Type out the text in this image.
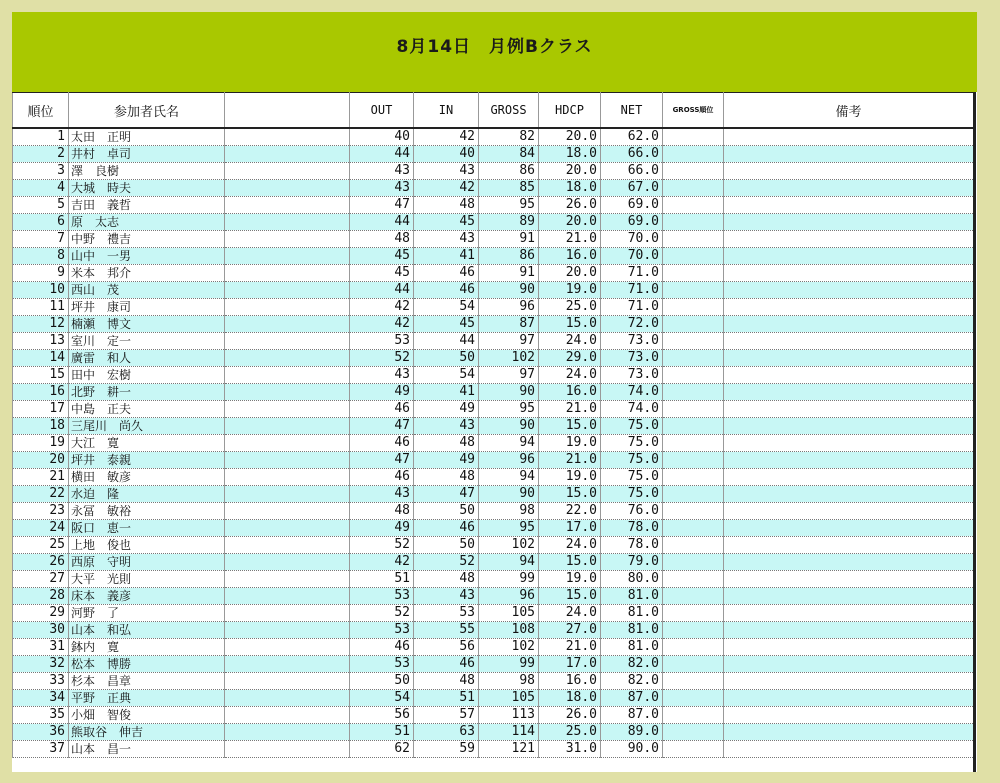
8月14日　月例Bクラス
順位	参加者氏名		OUT	IN	GROSS	HDCP	NET	GROSS順位	備考
1	太田　正明		40	42	82	20.0	62.0		
2	井村　卓司		44	40	84	18.0	66.0		
3	澤　良樹		43	43	86	20.0	66.0		
4	大城　時夫		43	42	85	18.0	67.0		
5	吉田　義哲		47	48	95	26.0	69.0		
6	原　太志		44	45	89	20.0	69.0		
7	中野　禮吉		48	43	91	21.0	70.0		
8	山中　一男		45	41	86	16.0	70.0		
9	米本　邦介		45	46	91	20.0	71.0		
10	西山　茂		44	46	90	19.0	71.0		
11	坪井　康司		42	54	96	25.0	71.0		
12	楠瀬　博文		42	45	87	15.0	72.0		
13	室川　定一		53	44	97	24.0	73.0		
14	廣雷　和人		52	50	102	29.0	73.0		
15	田中　宏樹		43	54	97	24.0	73.0		
16	北野　耕一		49	41	90	16.0	74.0		
17	中島　正夫		46	49	95	21.0	74.0		
18	三尾川　尚久		47	43	90	15.0	75.0		
19	大江　寛		46	48	94	19.0	75.0		
20	坪井　泰親		47	49	96	21.0	75.0		
21	横田　敏彦		46	48	94	19.0	75.0		
22	水迫　隆		43	47	90	15.0	75.0		
23	永冨　敏裕		48	50	98	22.0	76.0		
24	阪口　恵一		49	46	95	17.0	78.0		
25	上地　俊也		52	50	102	24.0	78.0		
26	西原　守明		42	52	94	15.0	79.0		
27	大平　光則		51	48	99	19.0	80.0		
28	床本　義彦		53	43	96	15.0	81.0		
29	河野　了		52	53	105	24.0	81.0		
30	山本　和弘		53	55	108	27.0	81.0		
31	鉢内　寛		46	56	102	21.0	81.0		
32	松本　博勝		53	46	99	17.0	82.0		
33	杉本　昌章		50	48	98	16.0	82.0		
34	平野　正典		54	51	105	18.0	87.0		
35	小畑　智俊		56	57	113	26.0	87.0		
36	熊取谷　伸吉		51	63	114	25.0	89.0		
37	山本　昌一		62	59	121	31.0	90.0		
